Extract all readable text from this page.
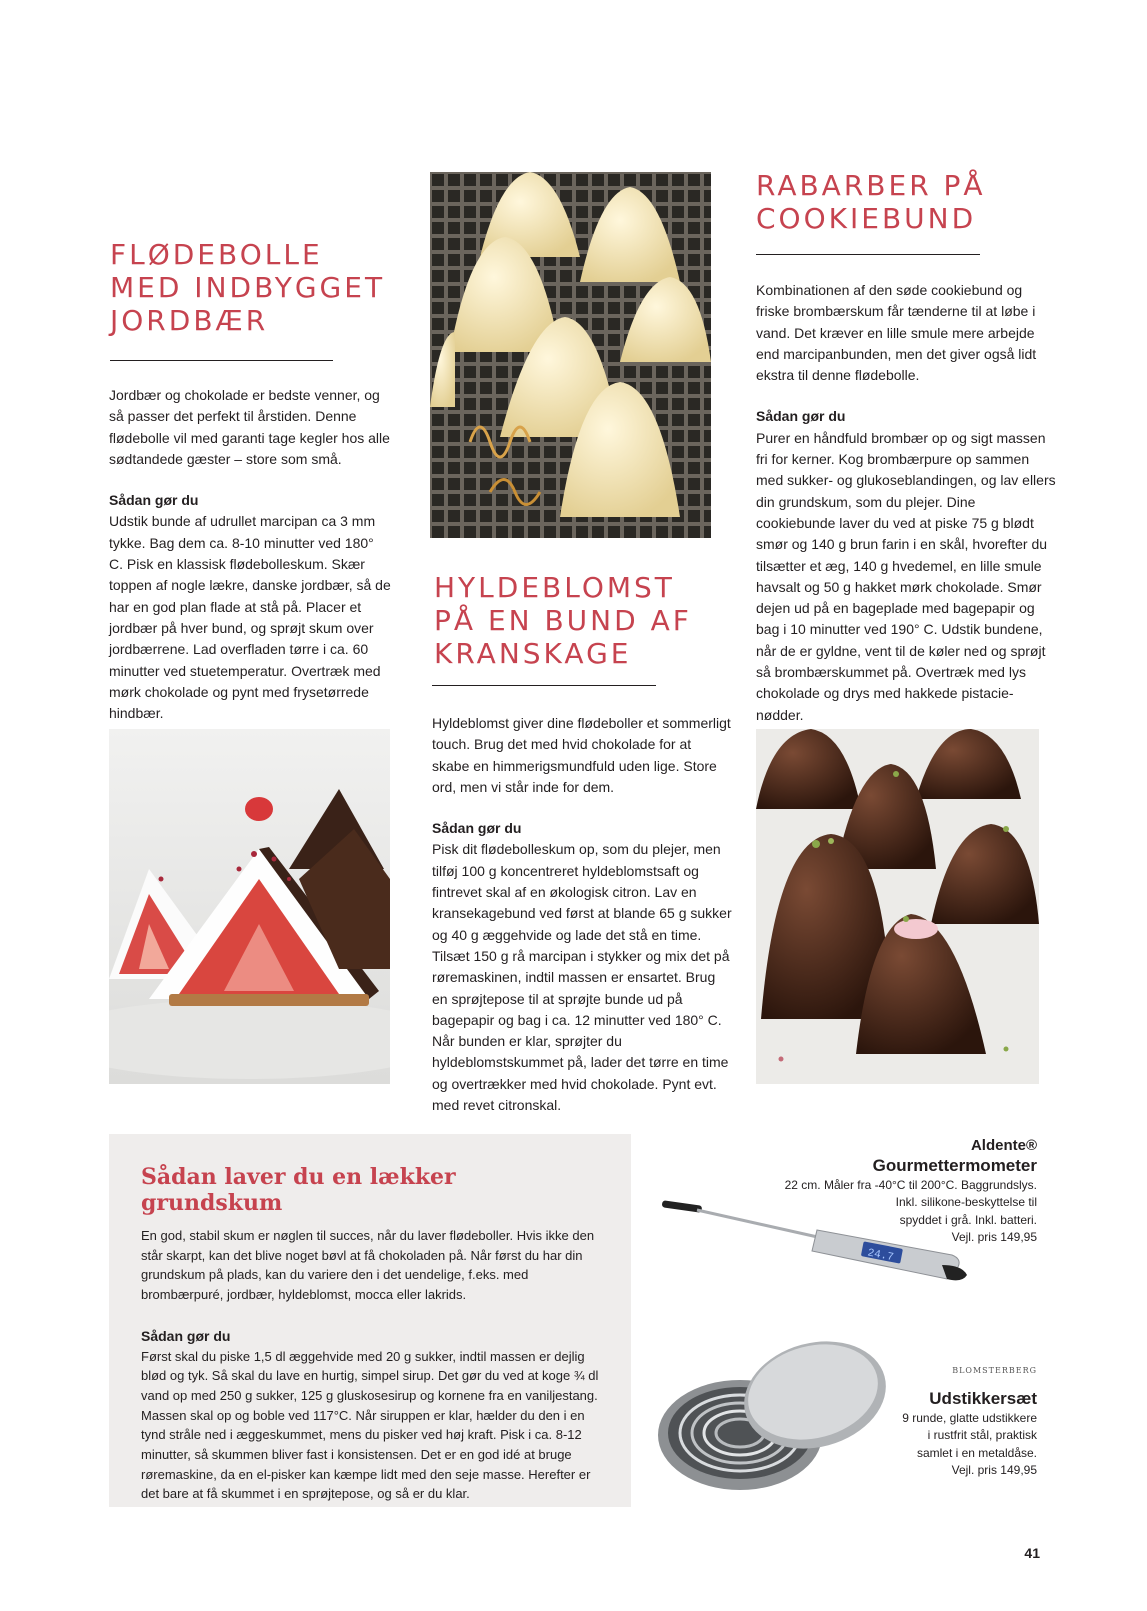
FLØDEBOLLE
MED INDBYGGET
JORDBÆR

Jordbær og chokolade er bedste venner, og så passer det perfekt til årstiden. Denne flødebolle vil med garanti tage kegler hos alle sødtandede gæster – store som små.

Sådan gør du

Udstik bunde af udrullet marcipan ca 3 mm tykke. Bag dem ca. 8-10 minutter ved 180° C. Pisk en klassisk flødebolleskum. Skær toppen af nogle lækre, danske jordbær, så de har en god plan flade at stå på. Placer et jordbær på hver bund, og sprøjt skum over jordbærrene. Lad overfladen tørre i ca. 60 minutter ved stuetemperatur. Overtræk med mørk chokolade og pynt med frysetørrede hindbær.

HYLDEBLOMST
PÅ EN BUND AF
KRANSKAGE

Hyldeblomst giver dine flødeboller et sommerligt touch. Brug det med hvid chokolade for at skabe en himmerigsmundfuld uden lige. Store ord, men vi står inde for dem.

Sådan gør du

Pisk dit flødebolleskum op, som du plejer, men tilføj 100 g koncentreret hyldeblomstsaft og fintrevet skal af en økologisk citron. Lav en kransekagebund ved først at blande 65 g sukker og 40 g æggehvide og lade det stå en time. Tilsæt 150 g rå marcipan i stykker og mix det på røremaskinen, indtil massen er ensartet. Brug en sprøjtepose til at sprøjte bunde ud på bagepapir og bag i ca. 12 minutter ved 180° C. Når bunden er klar, sprøjter du hyldeblomstskummet på, lader det tørre en time og overtrækker med hvid chokolade. Pynt evt. med revet citronskal.

RABARBER PÅ
COOKIEBUND

Kombinationen af den søde cookiebund og friske brombærskum får tænderne til at løbe i vand. Det kræver en lille smule mere arbejde end marcipanbunden, men det giver også lidt ekstra til denne flødebolle.

Sådan gør du

Purer en håndfuld brombær op og sigt massen fri for kerner. Kog brombærpure op sammen med sukker- og glukoseblandingen, og lav ellers din grundskum, som du plejer. Dine cookiebunde laver du ved at piske 75 g blødt smør og 140 g brun farin i en skål, hvorefter du tilsætter et æg, 140 g hvedemel, en lille smule havsalt og 50 g hakket mørk chokolade. Smør dejen ud på en bageplade med bagepapir og bag i 10 minutter ved 190° C. Udstik bundene, når de er gyldne, vent til de køler ned og sprøjt så brombærskummet på. Overtræk med lys chokolade og drys med hakkede pistacie-nødder.

Sådan laver du en lækker grundskum

En god, stabil skum er nøglen til succes, når du laver flødeboller. Hvis ikke den står skarpt, kan det blive noget bøvl at få chokoladen på. Når først du har din grundskum på plads, kan du variere den i det uendelige, f.eks. med brombærpuré, jordbær, hyldeblomst, mocca eller lakrids.

Sådan gør du

Først skal du piske 1,5 dl æggehvide med 20 g sukker, indtil massen er dejlig blød og tyk. Så skal du lave en hurtig, simpel sirup. Det gør du ved at koge ¾ dl vand op med 250 g sukker, 125 g gluskosesirup og kornene fra en vaniljestang. Massen skal op og boble ved 117°C. Når siruppen er klar, hælder du den i en tynd stråle ned i æggeskummet, mens du pisker ved høj kraft. Pisk i ca. 8-12 minutter, så skummen bliver fast i konsistensen. Det er en god idé at bruge røremaskine, da en el-pisker kan kæmpe lidt med den seje masse. Herefter er det bare at få skummet i en sprøjtepose, og så er du klar.

Aldente®
Gourmettermometer
22 cm. Måler fra -40°C til 200°C. Baggrundslys.
Inkl. silikone-beskyttelse til
spyddet i grå. Inkl. batteri.
Vejl. pris 149,95
24.7
BLOMSTERBERG
Udstikkersæt
9 runde, glatte udstikkere
i rustfrit stål, praktisk
samlet i en metaldåse.
Vejl. pris 149,95
41
